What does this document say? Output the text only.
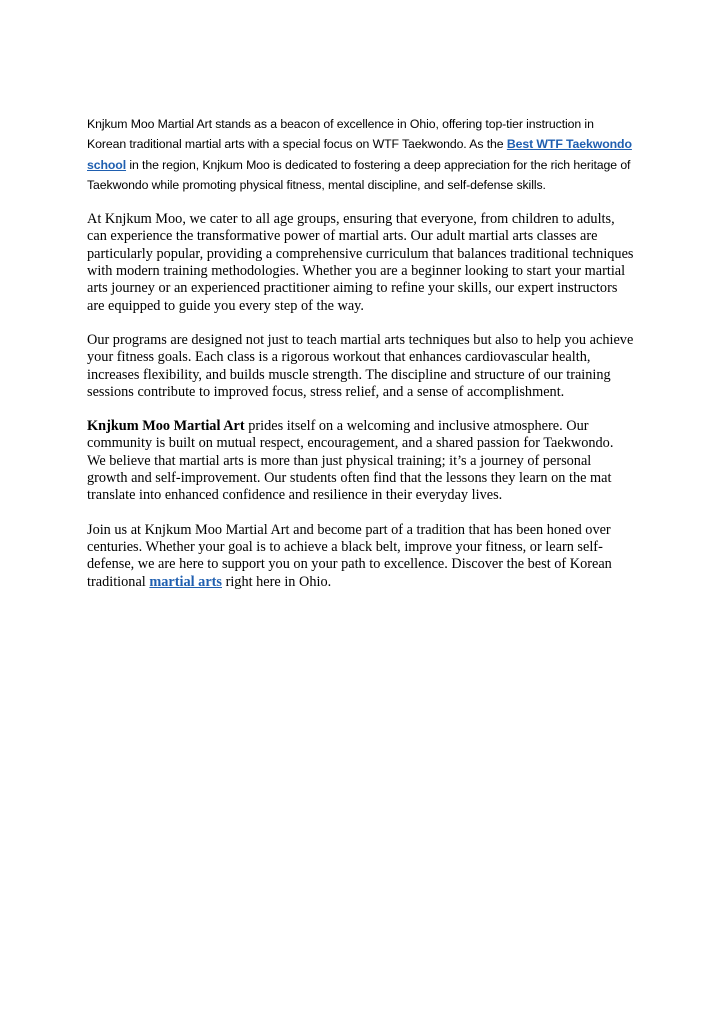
Knjkum Moo Martial Art stands as a beacon of excellence in Ohio, offering top-tier instruction in Korean traditional martial arts with a special focus on WTF Taekwondo. As the Best WTF Taekwondo school in the region, Knjkum Moo is dedicated to fostering a deep appreciation for the rich heritage of Taekwondo while promoting physical fitness, mental discipline, and self-defense skills.

At Knjkum Moo, we cater to all age groups, ensuring that everyone, from children to adults, can experience the transformative power of martial arts. Our adult martial arts classes are particularly popular, providing a comprehensive curriculum that balances traditional techniques with modern training methodologies. Whether you are a beginner looking to start your martial arts journey or an experienced practitioner aiming to refine your skills, our expert instructors are equipped to guide you every step of the way.

Our programs are designed not just to teach martial arts techniques but also to help you achieve your fitness goals. Each class is a rigorous workout that enhances cardiovascular health, increases flexibility, and builds muscle strength. The discipline and structure of our training sessions contribute to improved focus, stress relief, and a sense of accomplishment.

Knjkum Moo Martial Art prides itself on a welcoming and inclusive atmosphere. Our community is built on mutual respect, encouragement, and a shared passion for Taekwondo. We believe that martial arts is more than just physical training; it’s a journey of personal growth and self-improvement. Our students often find that the lessons they learn on the mat translate into enhanced confidence and resilience in their everyday lives.

Join us at Knjkum Moo Martial Art and become part of a tradition that has been honed over centuries. Whether your goal is to achieve a black belt, improve your fitness, or learn self-defense, we are here to support you on your path to excellence. Discover the best of Korean traditional martial arts right here in Ohio.
